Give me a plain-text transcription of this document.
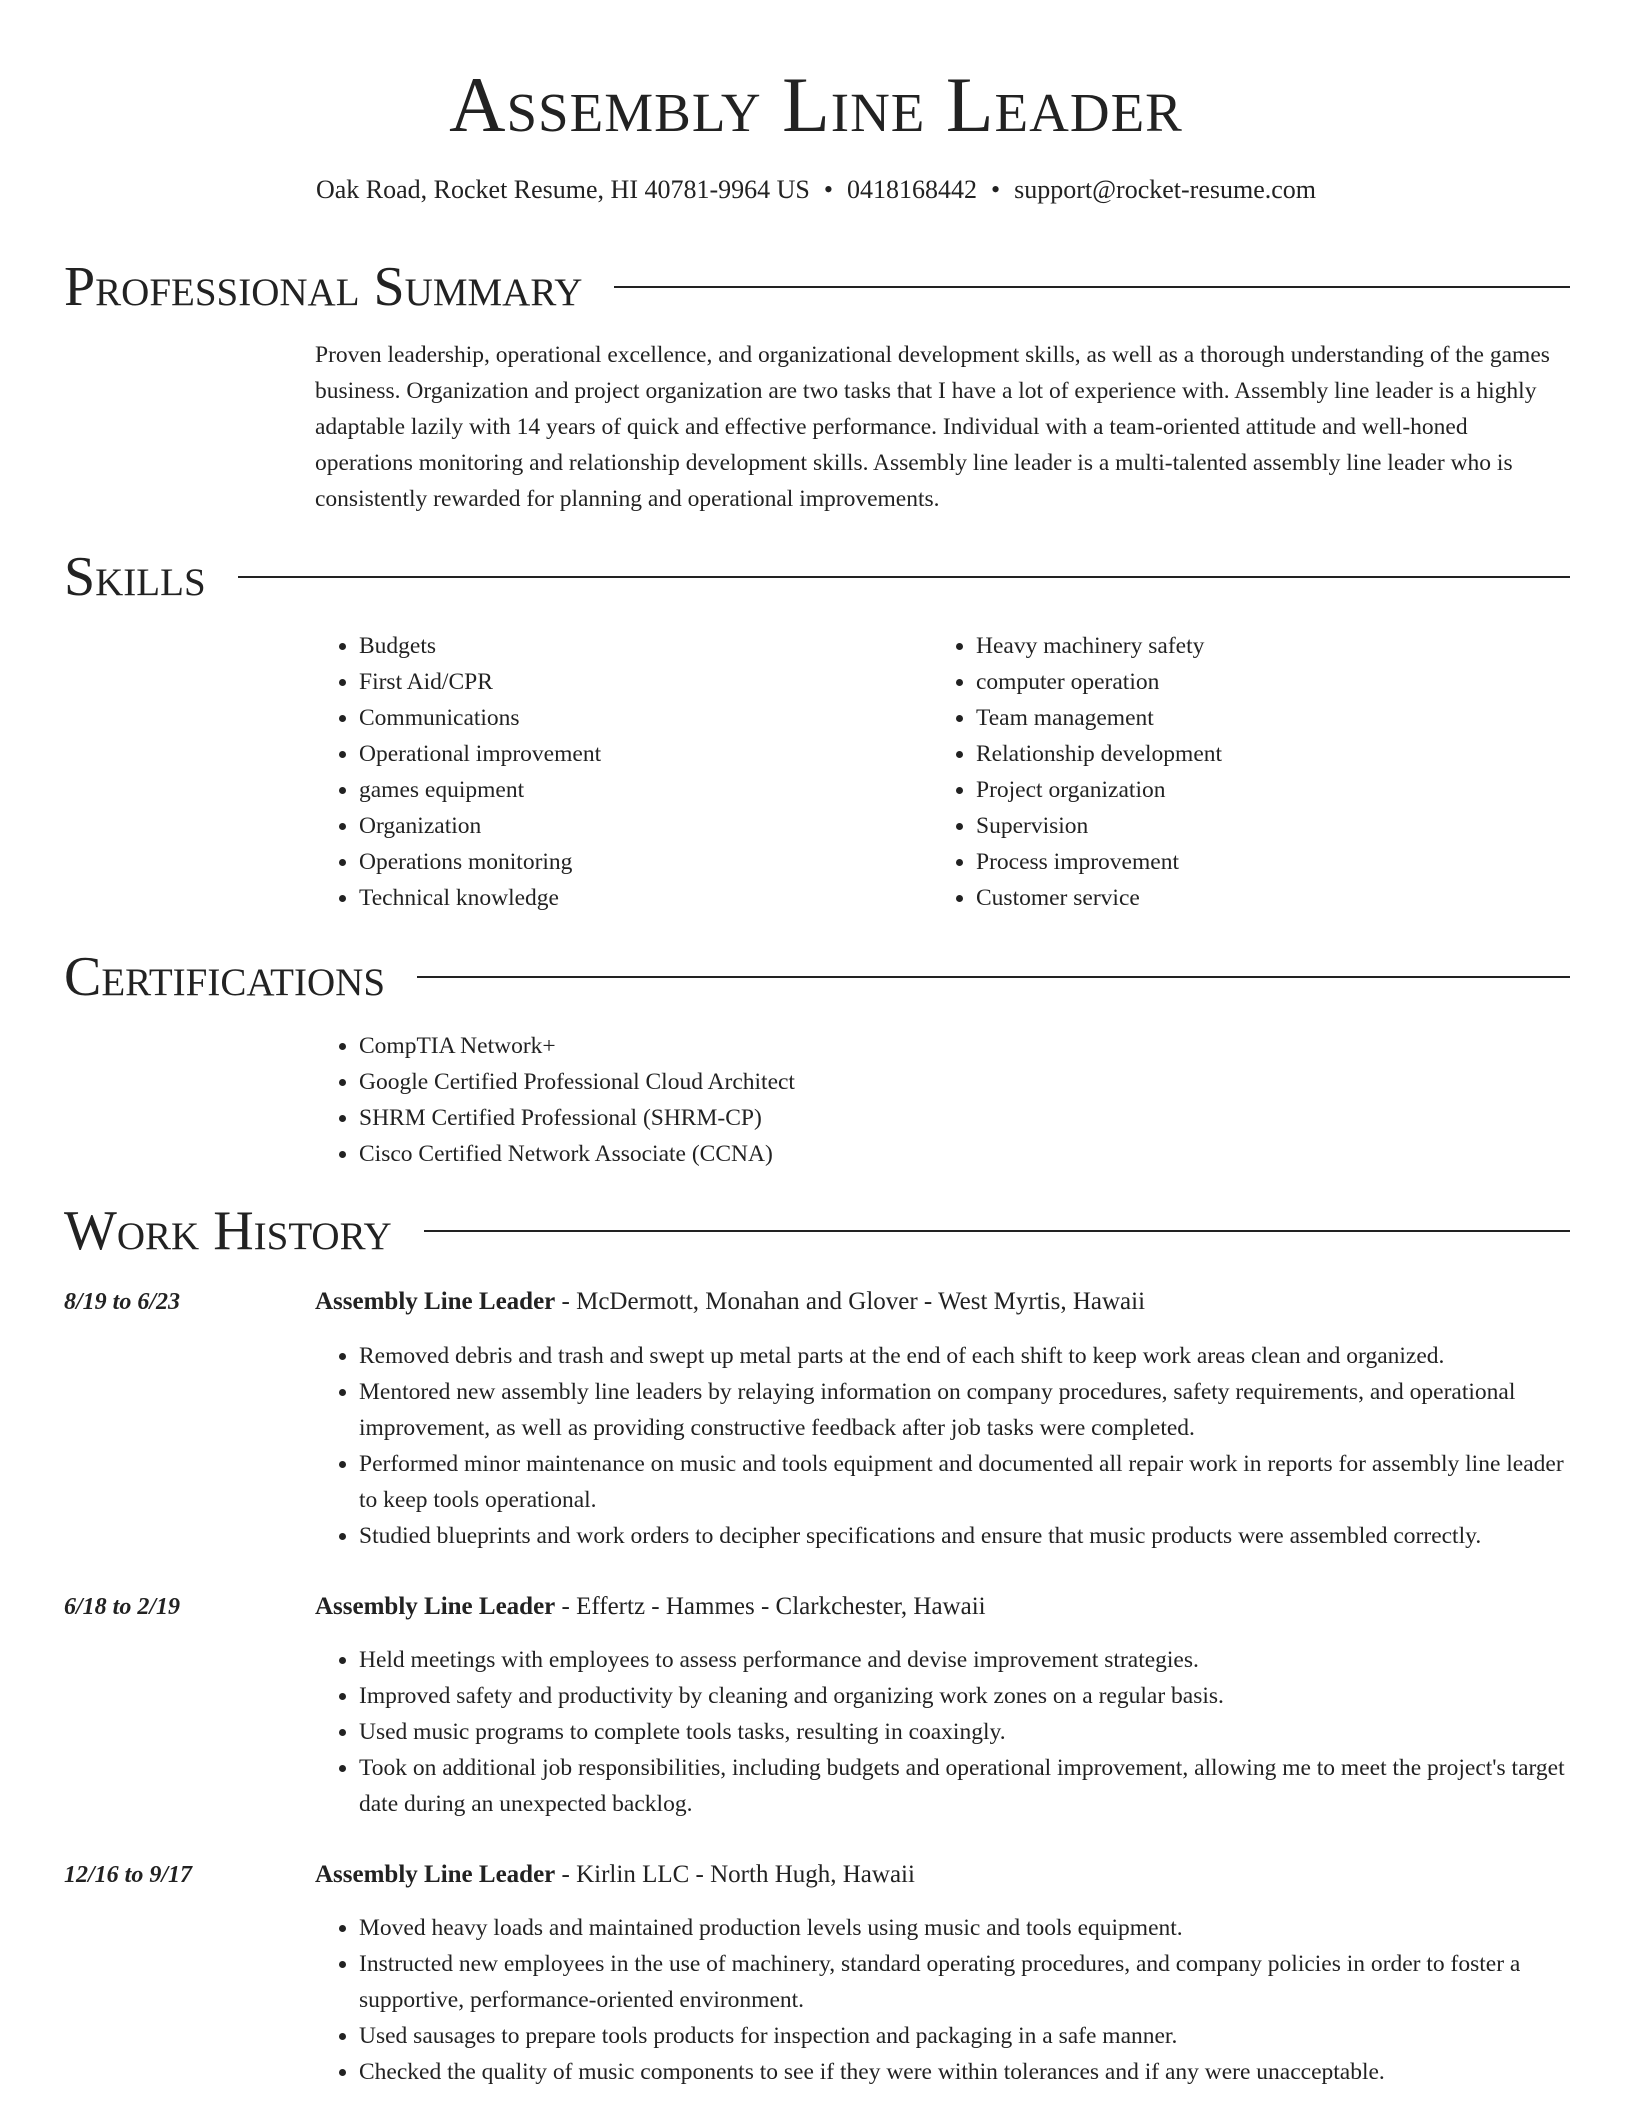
Assembly Line Leader
Oak Road, Rocket Resume, HI 40781-9964 US • 0418168442 • support@rocket-resume.com
Professional Summary
Proven leadership, operational excellence, and organizational development skills, as well as a thorough understanding of the games business. Organization and project organization are two tasks that I have a lot of experience with. Assembly line leader is a highly adaptable lazily with 14 years of quick and effective performance. Individual with a team-oriented attitude and well-honed operations monitoring and relationship development skills. Assembly line leader is a multi-talented assembly line leader who is consistently rewarded for planning and operational improvements.
Skills
• Budgets
• First Aid/CPR
• Communications
• Operational improvement
• games equipment
• Organization
• Operations monitoring
• Technical knowledge
• Heavy machinery safety
• computer operation
• Team management
• Relationship development
• Project organization
• Supervision
• Process improvement
• Customer service
Certifications
• CompTIA Network+
• Google Certified Professional Cloud Architect
• SHRM Certified Professional (SHRM-CP)
• Cisco Certified Network Associate (CCNA)
Work History
8/19 to 6/23	Assembly Line Leader - McDermott, Monahan and Glover - West Myrtis, Hawaii
• Removed debris and trash and swept up metal parts at the end of each shift to keep work areas clean and organized.
• Mentored new assembly line leaders by relaying information on company procedures, safety requirements, and operational improvement, as well as providing constructive feedback after job tasks were completed.
• Performed minor maintenance on music and tools equipment and documented all repair work in reports for assembly line leader to keep tools operational.
• Studied blueprints and work orders to decipher specifications and ensure that music products were assembled correctly.
6/18 to 2/19	Assembly Line Leader - Effertz - Hammes - Clarkchester, Hawaii
• Held meetings with employees to assess performance and devise improvement strategies.
• Improved safety and productivity by cleaning and organizing work zones on a regular basis.
• Used music programs to complete tools tasks, resulting in coaxingly.
• Took on additional job responsibilities, including budgets and operational improvement, allowing me to meet the project's target date during an unexpected backlog.
12/16 to 9/17	Assembly Line Leader - Kirlin LLC - North Hugh, Hawaii
• Moved heavy loads and maintained production levels using music and tools equipment.
• Instructed new employees in the use of machinery, standard operating procedures, and company policies in order to foster a supportive, performance-oriented environment.
• Used sausages to prepare tools products for inspection and packaging in a safe manner.
• Checked the quality of music components to see if they were within tolerances and if any were unacceptable.
